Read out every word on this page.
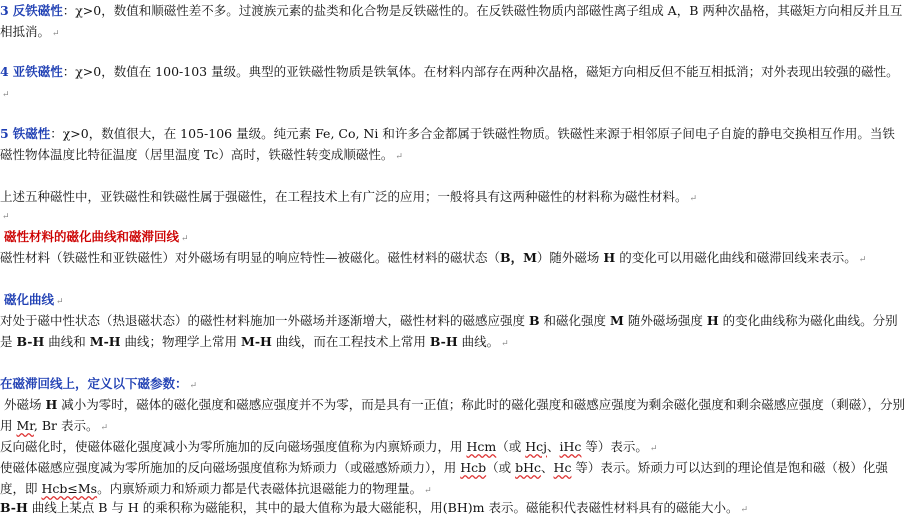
3 反铁磁性：χ>0，数值和顺磁性差不多。过渡族元素的盐类和化合物是反铁磁性的。在反铁磁性物质内部磁性离子组成 A，B 两种次晶格，其磁矩方向相反并且互相抵消。 ↵
4 亚铁磁性：χ>0，数值在 100-103 量级。典型的亚铁磁性物质是铁氧体。在材料内部存在两种次晶格，磁矩方向相反但不能互相抵消；对外表现出较强的磁性。↵
5 铁磁性：χ>0，数值很大，在 105-106 量级。纯元素 Fe, Co, Ni 和许多合金都属于铁磁性物质。铁磁性来源于相邻原子间电子自旋的静电交换相互作用。当铁磁性物体温度比特征温度（居里温度 Tc）高时，铁磁性转变成顺磁性。 ↵
上述五种磁性中，亚铁磁性和铁磁性属于强磁性，在工程技术上有广泛的应用；一般将具有这两种磁性的材料称为磁性材料。 ↵
↵
磁性材料的磁化曲线和磁滞回线 ↵
磁性材料（铁磁性和亚铁磁性）对外磁场有明显的响应特性—被磁化。磁性材料的磁状态（B，M）随外磁场 H 的变化可以用磁化曲线和磁滞回线来表示。 ↵
磁化曲线 ↵
对处于磁中性状态（热退磁状态）的磁性材料施加一外磁场并逐渐增大，磁性材料的磁感应强度 B 和磁化强度 M 随外磁场强度 H 的变化曲线称为磁化曲线。分别是 B-H 曲线和 M-H 曲线；物理学上常用 M-H 曲线，而在工程技术上常用 B-H 曲线。 ↵
在磁滞回线上，定义以下磁参数： ↵
外磁场 H 减小为零时，磁体的磁化强度和磁感应强度并不为零，而是具有一正值；称此时的磁化强度和磁感应强度为剩余磁化强度和剩余磁感应强度（剩磁），分别用 Mr, Br 表示。 ↵
反向磁化时，使磁体磁化强度减小为零所施加的反向磁场强度值称为内禀矫顽力，用 Hcm（或 Hcj、iHc 等）表示。 ↵
使磁体磁感应强度减为零所施加的反向磁场强度值称为矫顽力（或磁感矫顽力），用 Hcb（或 bHc、Hc 等）表示。矫顽力可以达到的理论值是饱和磁（极）化强度，即 Hcb≤Ms。内禀矫顽力和矫顽力都是代表磁体抗退磁能力的物理量。 ↵
B-H 曲线上某点 B 与 H 的乘积称为磁能积，其中的最大值称为最大磁能积，用(BH)m 表示。磁能积代表磁性材料具有的磁能大小。 ↵
